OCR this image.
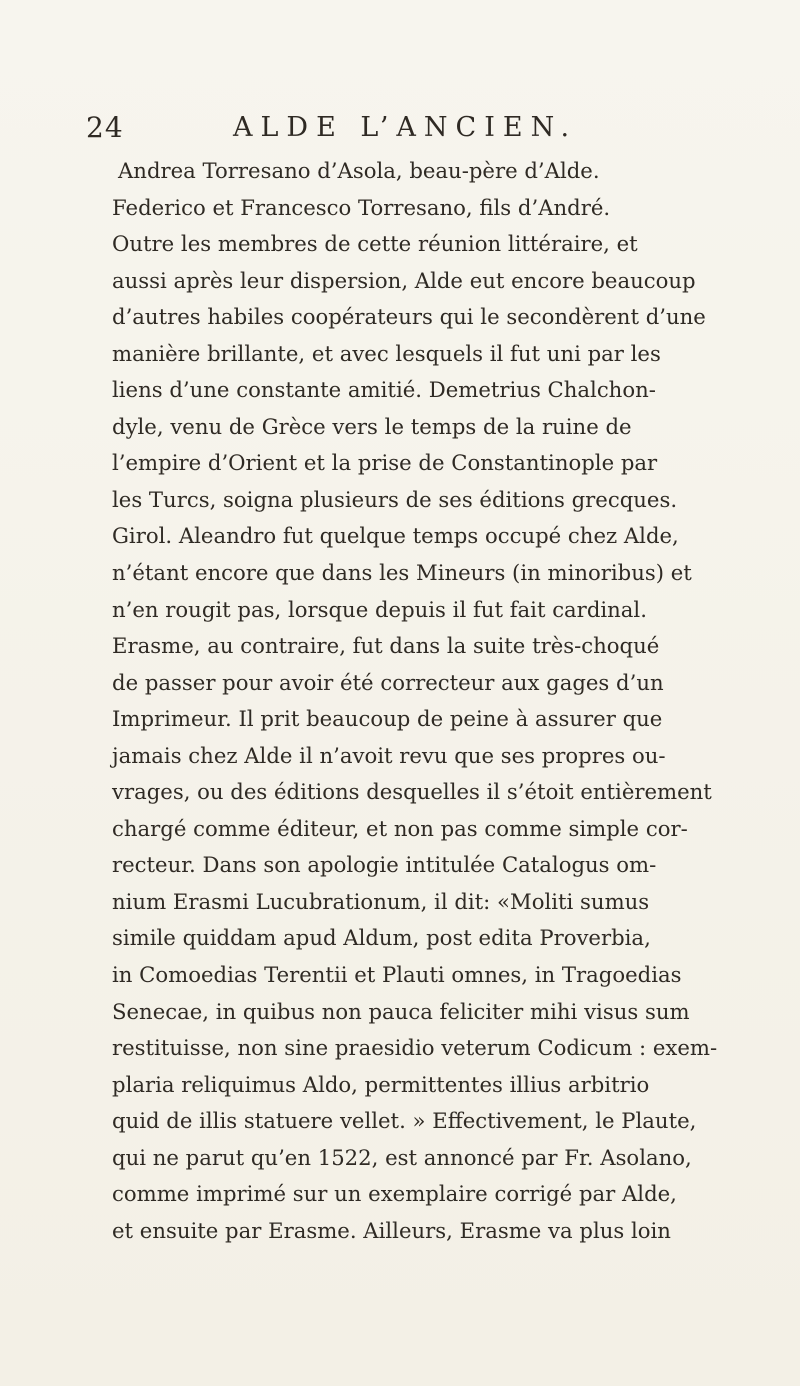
24	ALDE L’ANCIEN.
Andrea Torresano d’Asola, beau-père d’Alde.
Federico et Francesco Torresano, fils d’André.
Outre les membres de cette réunion littéraire, et
aussi après leur dispersion, Alde eut encore beaucoup
d’autres habiles coopérateurs qui le secondèrent d’une
manière brillante, et avec lesquels il fut uni par les
liens d’une constante amitié. Demetrius Chalchon-
dyle, venu de Grèce vers le temps de la ruine de
l’empire d’Orient et la prise de Constantinople par
les Turcs, soigna plusieurs de ses éditions grecques.
Girol. Aleandro fut quelque temps occupé chez Alde,
n’étant encore que dans les Mineurs (in minoribus) et
n’en rougit pas, lorsque depuis il fut fait cardinal.
Erasme, au contraire, fut dans la suite très-choqué
de passer pour avoir été correcteur aux gages d’un
Imprimeur. Il prit beaucoup de peine à assurer que
jamais chez Alde il n’avoit revu que ses propres ou-
vrages, ou des éditions desquelles il s’étoit entièrement
chargé comme éditeur, et non pas comme simple cor-
recteur. Dans son apologie intitulée Catalogus om-
nium Erasmi Lucubrationum, il dit: «Moliti sumus
simile quiddam apud Aldum, post edita Proverbia,
in Comoedias Terentii et Plauti omnes, in Tragoedias
Senecae, in quibus non pauca feliciter mihi visus sum
restituisse, non sine praesidio veterum Codicum : exem-
plaria reliquimus Aldo, permittentes illius arbitrio
quid de illis statuere vellet. » Effectivement, le Plaute,
qui ne parut qu’en 1522, est annoncé par Fr. Asolano,
comme imprimé sur un exemplaire corrigé par Alde,
et ensuite par Erasme. Ailleurs, Erasme va plus loin
